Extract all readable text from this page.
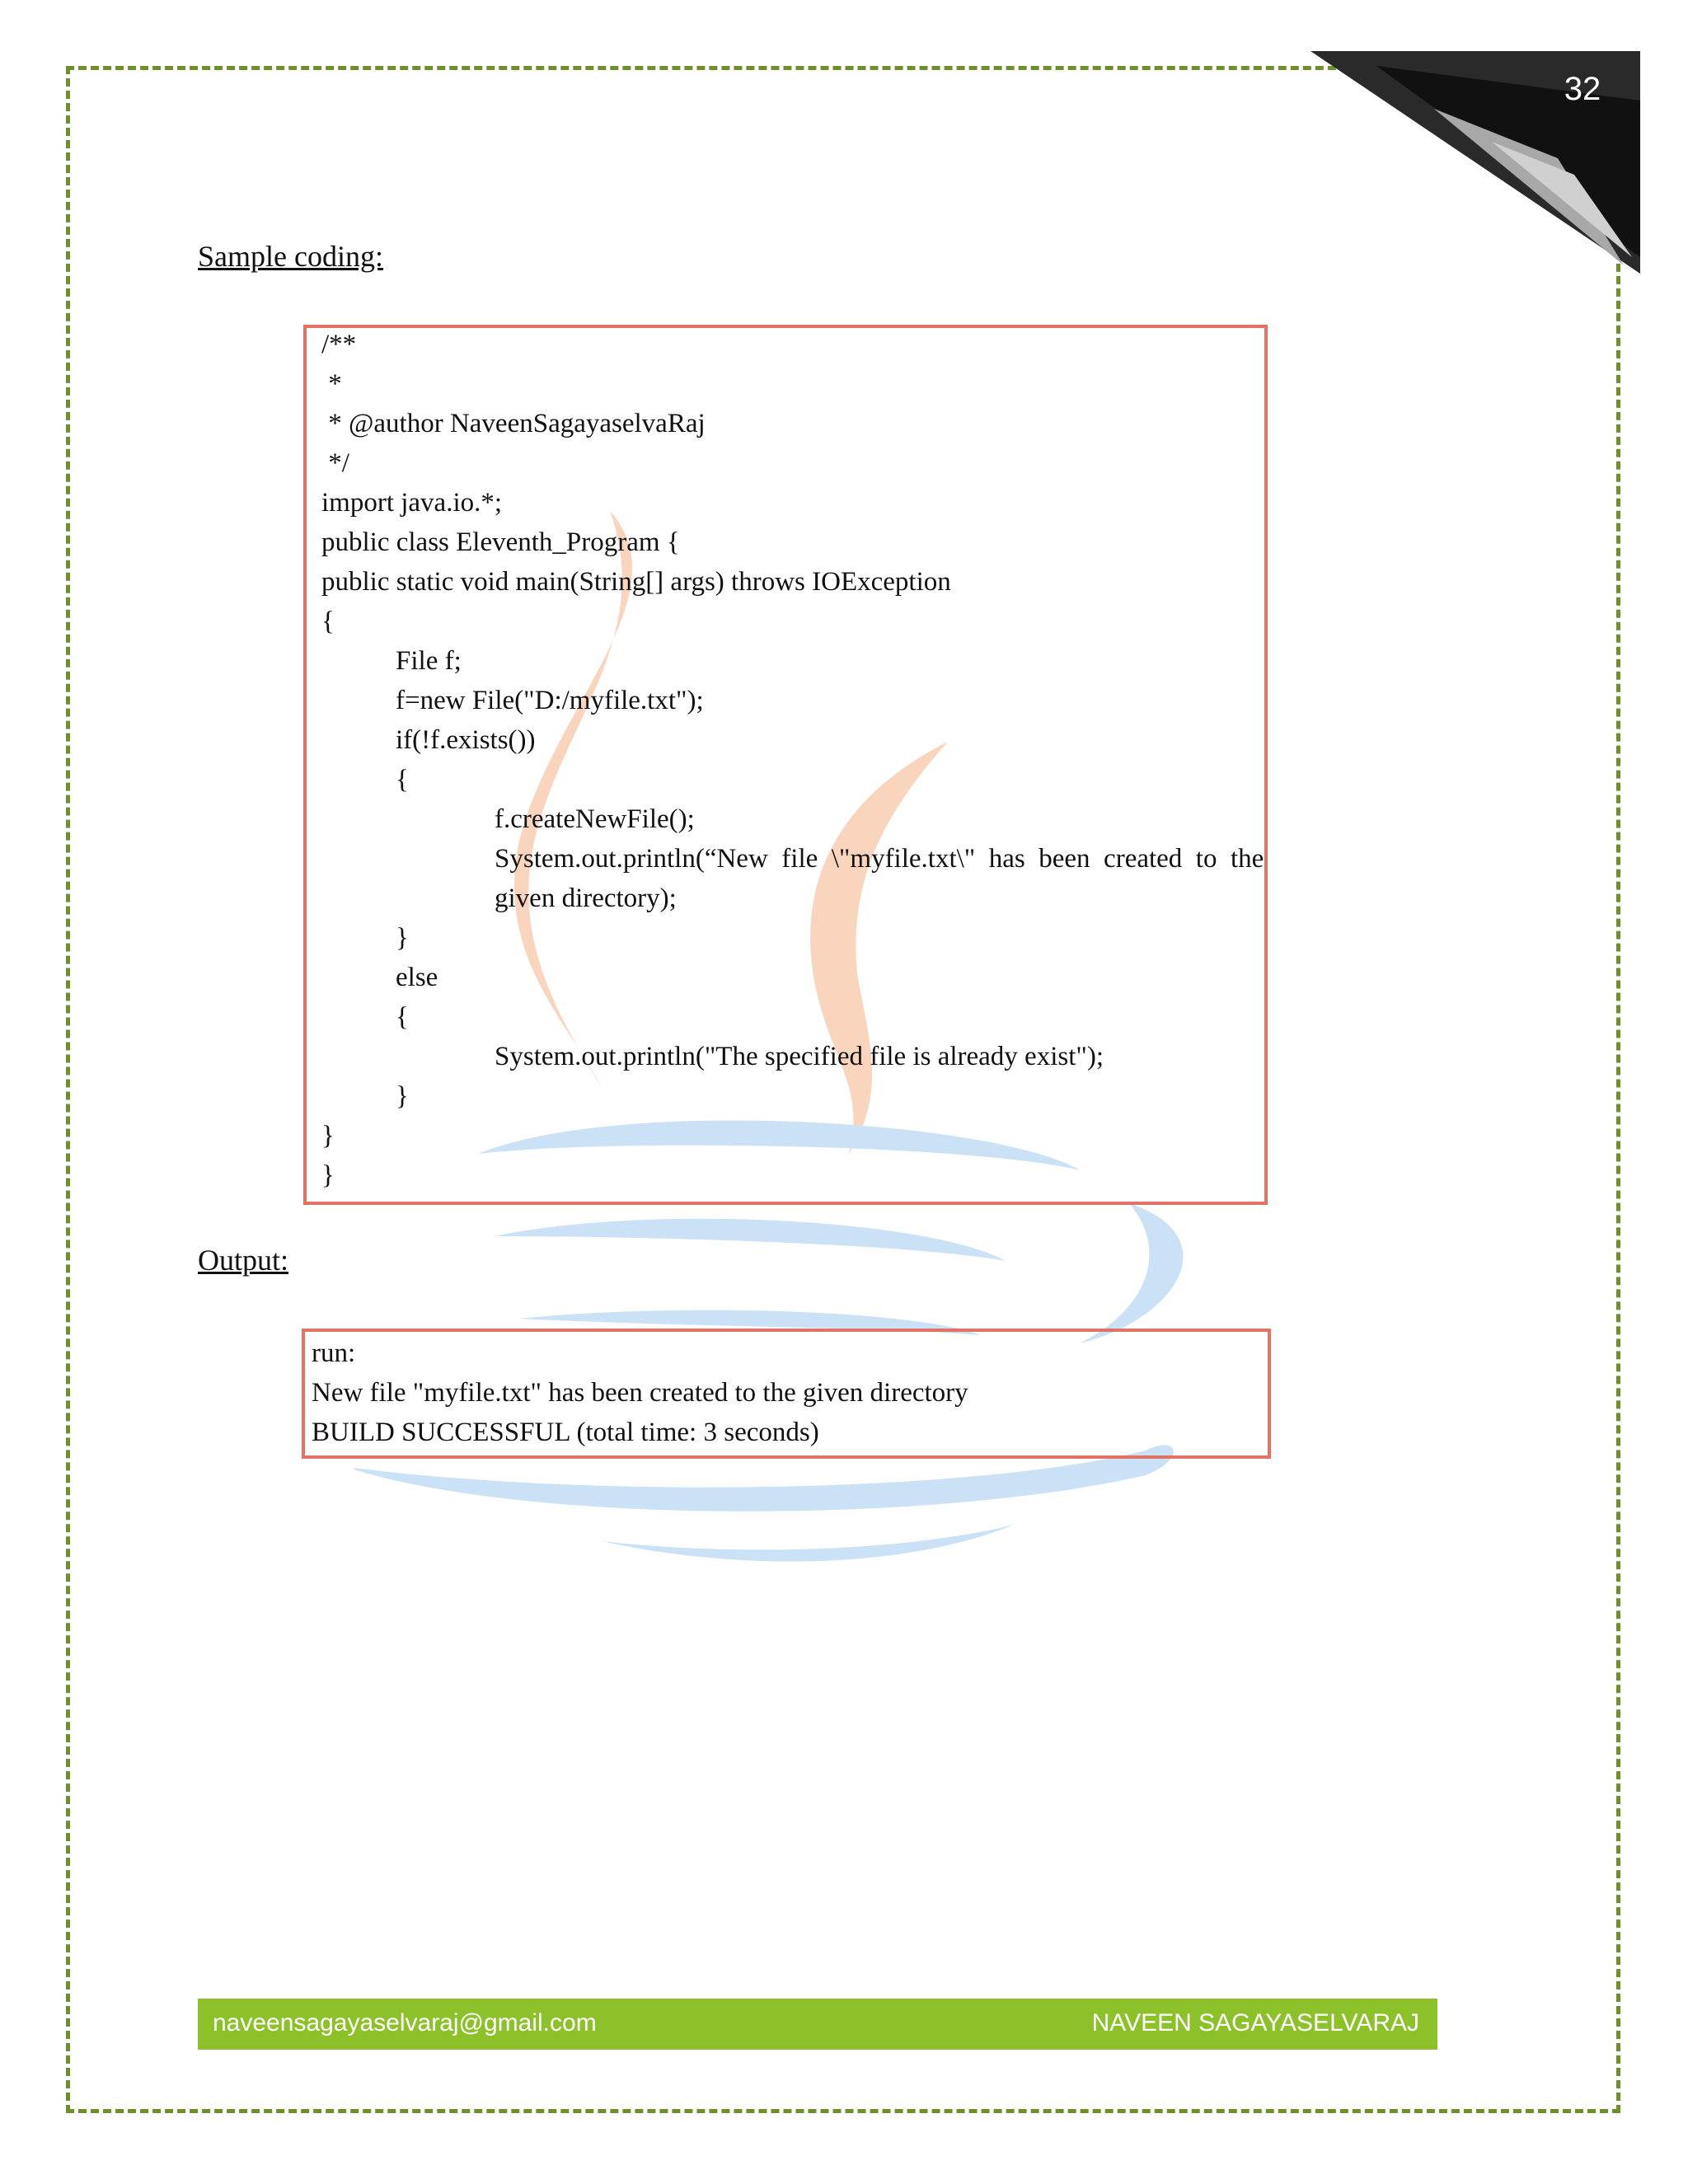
32
Sample coding:
/**
*
* @author NaveenSagayaselvaRaj
*/
import java.io.*;
public class Eleventh_Program {
public static void main(String[] args) throws IOException
{
File f;
f=new File("D:/myfile.txt");
if(!f.exists())
{
f.createNewFile();
System.out.println(“New  file  \"myfile.txt\"  has  been  created  to  the
given directory);
}
else
{
System.out.println("The specified file is already exist");
}
}
}
Output:
run:
New file "myfile.txt" has been created to the given directory
BUILD SUCCESSFUL (total time: 3 seconds)
naveensagayaselvaraj@gmail.com	NAVEEN SAGAYASELVARAJ
